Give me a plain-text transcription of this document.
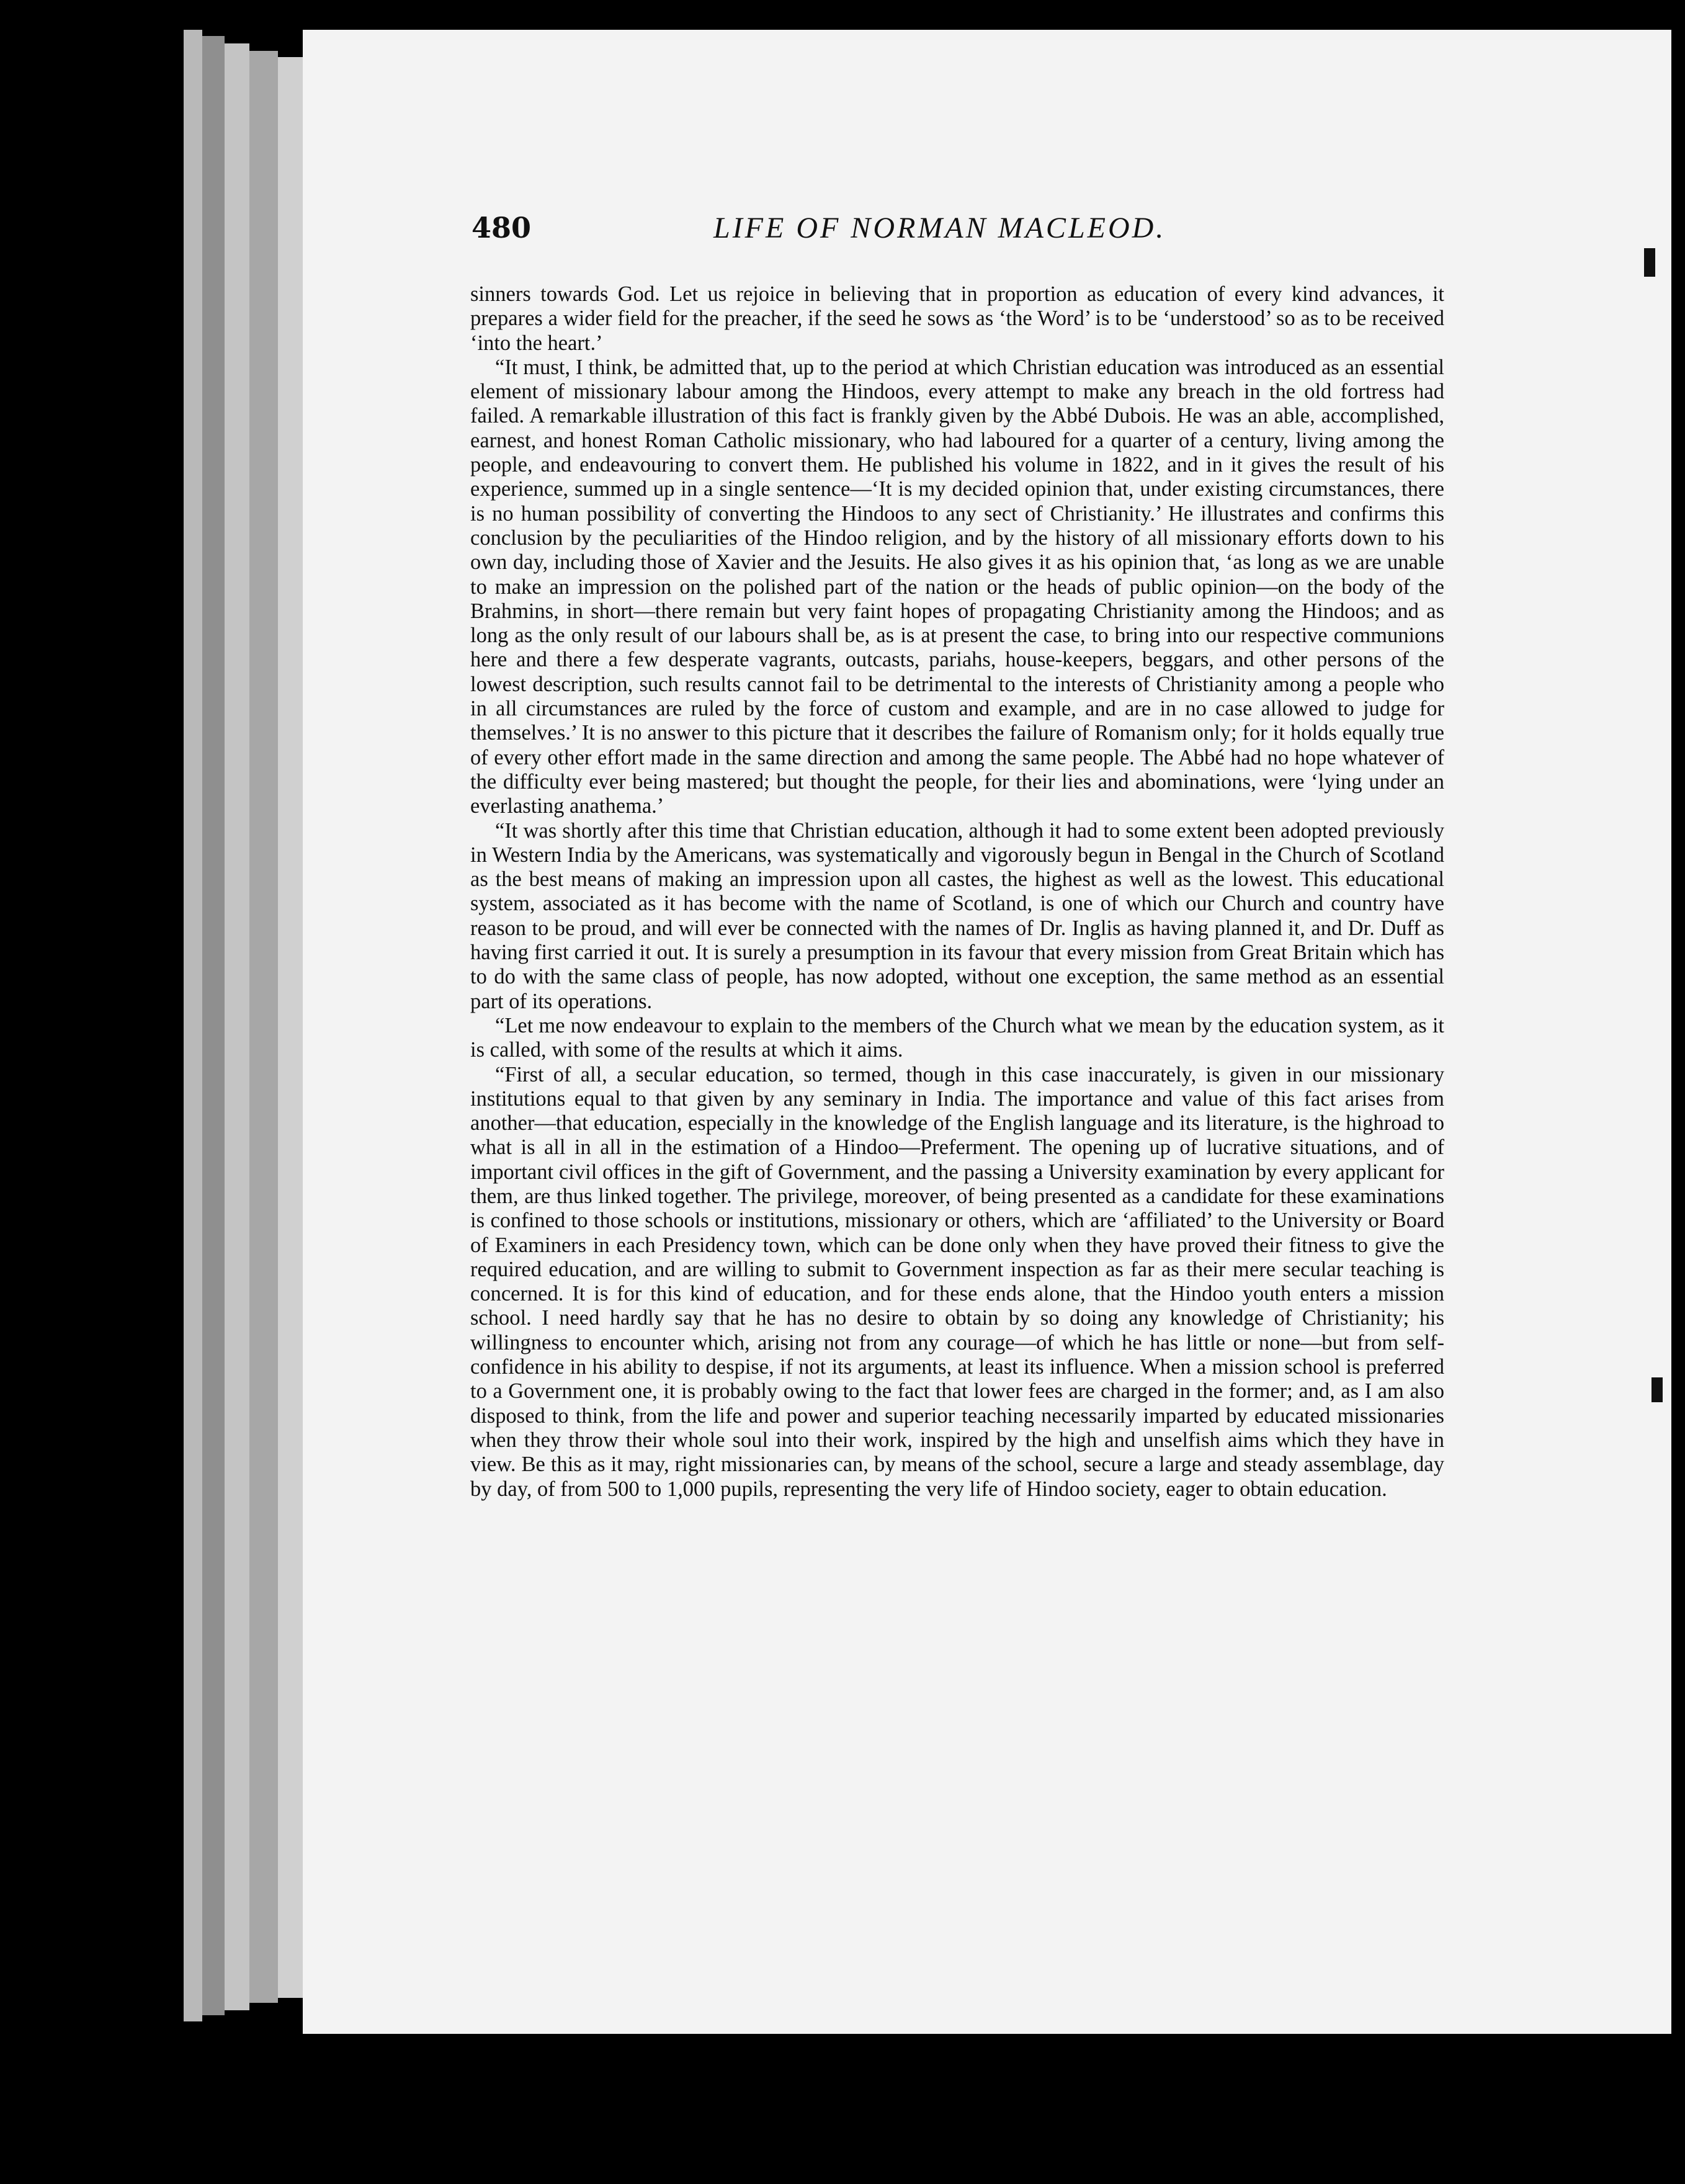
480	LIFE OF NORMAN MACLEOD.

sinners towards God. Let us rejoice in believing that in proportion as education of every kind advances, it prepares a wider field for the preacher, if the seed he sows as ‘the Word’ is to be ‘understood’ so as to be received ‘into the heart.’

“It must, I think, be admitted that, up to the period at which Christian education was introduced as an essential element of missionary labour among the Hindoos, every attempt to make any breach in the old fortress had failed. A remarkable illustration of this fact is frankly given by the Abbé Dubois. He was an able, accomplished, earnest, and honest Roman Catholic missionary, who had laboured for a quarter of a century, living among the people, and endeavouring to convert them. He published his volume in 1822, and in it gives the result of his experience, summed up in a single sentence—‘It is my decided opinion that, under existing circumstances, there is no human possibility of converting the Hindoos to any sect of Christianity.’ He illustrates and confirms this conclusion by the peculiarities of the Hindoo religion, and by the history of all missionary efforts down to his own day, including those of Xavier and the Jesuits. He also gives it as his opinion that, ‘as long as we are unable to make an impression on the polished part of the nation or the heads of public opinion—on the body of the Brahmins, in short—there remain but very faint hopes of propagating Christianity among the Hindoos; and as long as the only result of our labours shall be, as is at present the case, to bring into our respective communions here and there a few desperate vagrants, outcasts, pariahs, house-keepers, beggars, and other persons of the lowest description, such results cannot fail to be detrimental to the interests of Christianity among a people who in all circumstances are ruled by the force of custom and example, and are in no case allowed to judge for themselves.’ It is no answer to this picture that it describes the failure of Romanism only; for it holds equally true of every other effort made in the same direction and among the same people. The Abbé had no hope whatever of the difficulty ever being mastered; but thought the people, for their lies and abominations, were ‘lying under an everlasting anathema.’

“It was shortly after this time that Christian education, although it had to some extent been adopted previously in Western India by the Americans, was systematically and vigorously begun in Bengal in the Church of Scotland as the best means of making an impression upon all castes, the highest as well as the lowest. This educational system, associated as it has become with the name of Scotland, is one of which our Church and country have reason to be proud, and will ever be connected with the names of Dr. Inglis as having planned it, and Dr. Duff as having first carried it out. It is surely a presumption in its favour that every mission from Great Britain which has to do with the same class of people, has now adopted, without one exception, the same method as an essential part of its operations.

“Let me now endeavour to explain to the members of the Church what we mean by the education system, as it is called, with some of the results at which it aims.

“First of all, a secular education, so termed, though in this case inaccurately, is given in our missionary institutions equal to that given by any seminary in India. The importance and value of this fact arises from another—that education, especially in the knowledge of the English language and its literature, is the highroad to what is all in all in the estimation of a Hindoo—Preferment. The opening up of lucrative situations, and of important civil offices in the gift of Government, and the passing a University examination by every applicant for them, are thus linked together. The privilege, moreover, of being presented as a candidate for these examinations is confined to those schools or institutions, missionary or others, which are ‘affiliated’ to the University or Board of Examiners in each Presidency town, which can be done only when they have proved their fitness to give the required education, and are willing to submit to Government inspection as far as their mere secular teaching is concerned. It is for this kind of education, and for these ends alone, that the Hindoo youth enters a mission school. I need hardly say that he has no desire to obtain by so doing any knowledge of Christianity; his willingness to encounter which, arising not from any courage—of which he has little or none—but from self-confidence in his ability to despise, if not its arguments, at least its influence. When a mission school is preferred to a Government one, it is probably owing to the fact that lower fees are charged in the former; and, as I am also disposed to think, from the life and power and superior teaching necessarily imparted by educated missionaries when they throw their whole soul into their work, inspired by the high and unselfish aims which they have in view. Be this as it may, right missionaries can, by means of the school, secure a large and steady assemblage, day by day, of from 500 to 1,000 pupils, representing the very life of Hindoo society, eager to obtain education.
